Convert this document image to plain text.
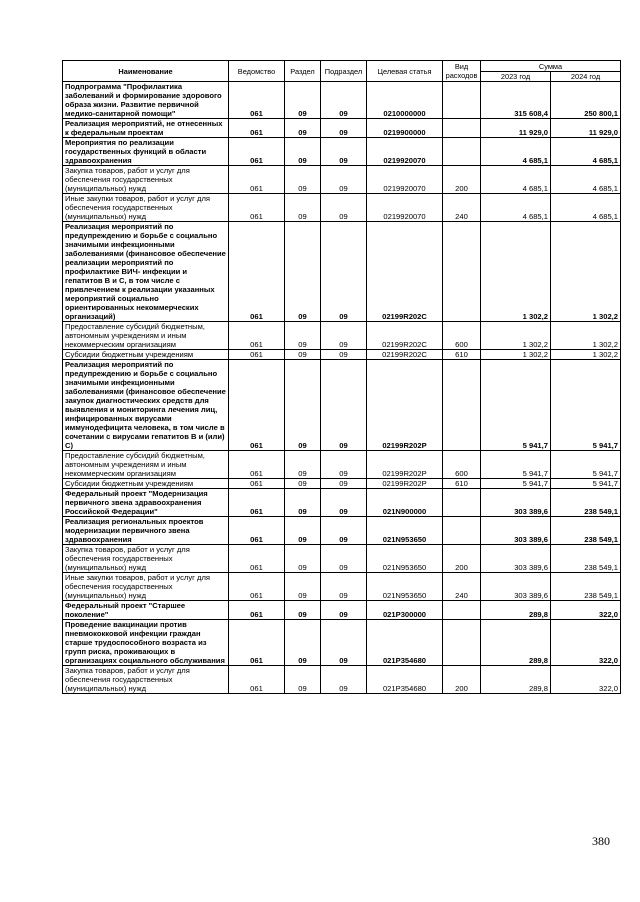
Наименование	Ведомство	Раздел	Подраздел	Целевая статья	Вид расходов	Сумма	
						2023 год	2024 год
Подпрограмма "Профилактика заболеваний и формирование здорового образа жизни. Развитие первичной медико-санитарной помощи"	061	09	09	0210000000		315 608,4	250 800,1
Реализация мероприятий, не отнесенных к федеральным проектам	061	09	09	0219900000		11 929,0	11 929,0
Мероприятия по реализации государственных функций в области здравоохранения	061	09	09	0219920070		4 685,1	4 685,1
Закупка товаров, работ и услуг для обеспечения государственных (муниципальных) нужд	061	09	09	0219920070	200	4 685,1	4 685,1
Иные закупки товаров, работ и услуг для обеспечения государственных (муниципальных) нужд	061	09	09	0219920070	240	4 685,1	4 685,1
Реализация мероприятий по предупреждению и борьбе с социально значимыми инфекционными заболеваниями (финансовое обеспечение реализации мероприятий по профилактике ВИЧ- инфекции и гепатитов В и С, в том числе с привлечением к реализации указанных мероприятий социально ориентированных некоммерческих организаций)	061	09	09	02199R202C		1 302,2	1 302,2
Предоставление субсидий бюджетным, автономным учреждениям и иным некоммерческим организациям	061	09	09	02199R202C	600	1 302,2	1 302,2
Субсидии бюджетным учреждениям	061	09	09	02199R202C	610	1 302,2	1 302,2
Реализация мероприятий по предупреждению и борьбе с социально значимыми инфекционными заболеваниями (финансовое обеспечение закупок диагностических средств для выявления и мониторинга лечения лиц, инфицированных вирусами иммунодефицита человека, в том числе в сочетании с вирусами гепатитов В и (или) С)	061	09	09	02199R202P		5 941,7	5 941,7
Предоставление субсидий бюджетным, автономным учреждениям и иным некоммерческим организациям	061	09	09	02199R202P	600	5 941,7	5 941,7
Субсидии бюджетным учреждениям	061	09	09	02199R202P	610	5 941,7	5 941,7
Федеральный проект "Модернизация первичного звена здравоохранения Российской Федерации"	061	09	09	021N900000		303 389,6	238 549,1
Реализация региональных проектов модернизации первичного звена здравоохранения	061	09	09	021N953650		303 389,6	238 549,1
Закупка товаров, работ и услуг для обеспечения государственных (муниципальных) нужд	061	09	09	021N953650	200	303 389,6	238 549,1
Иные закупки товаров, работ и услуг для обеспечения государственных (муниципальных) нужд	061	09	09	021N953650	240	303 389,6	238 549,1
Федеральный проект "Старшее поколение"	061	09	09	021P300000		289,8	322,0
Проведение вакцинации против пневмококковой инфекции граждан старше трудоспособного возраста из групп риска, проживающих в организациях социального обслуживания	061	09	09	021P354680		289,8	322,0
Закупка товаров, работ и услуг для обеспечения государственных (муниципальных) нужд	061	09	09	021P354680	200	289,8	322,0
380
